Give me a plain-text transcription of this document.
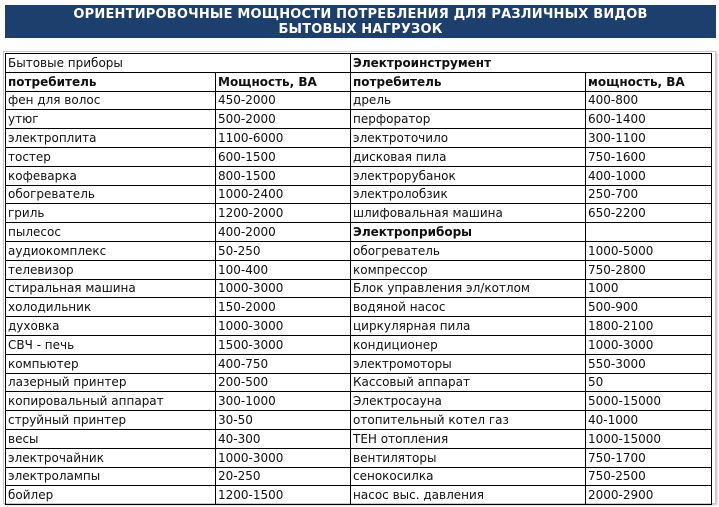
ОРИЕНТИРОВОЧНЫЕ МОЩНОСТИ ПОТРЕБЛЕНИЯ ДЛЯ РАЗЛИЧНЫХ ВИДОВ
БЫТОВЫХ НАГРУЗОК
Бытовые приборы		Электроинструмент	
потребитель	Мощность, ВА	потребитель	мощность, ВА
фен для волос	450-2000	дрель	400-800
утюг	500-2000	перфоратор	600-1400
электроплита	1100-6000	электроточило	300-1100
тостер	600-1500	дисковая пила	750-1600
кофеварка	800-1500	электрорубанок	400-1000
обогреватель	1000-2400	электролобзик	250-700
гриль	1200-2000	шлифовальная машина	650-2200
пылесос	400-2000	Электроприборы	
аудиокомплекс	50-250	обогреватель	1000-5000
телевизор	100-400	компрессор	750-2800
стиральная машина	1000-3000	Блок управления эл/котлом	1000
холодильник	150-2000	водяной насос	500-900
духовка	1000-3000	циркулярная пила	1800-2100
СВЧ - печь	1500-3000	кондиционер	1000-3000
компьютер	400-750	электромоторы	550-3000
лазерный принтер	200-500	Кассовый аппарат	50
копировальный аппарат	300-1000	Электросауна	5000-15000
струйный принтер	30-50	отопительный котел газ	40-1000
весы	40-300	ТЕН отопления	1000-15000
электрочайник	1000-3000	вентиляторы	750-1700
электролампы	20-250	сенокосилка	750-2500
бойлер	1200-1500	насос выс. давления	2000-2900
